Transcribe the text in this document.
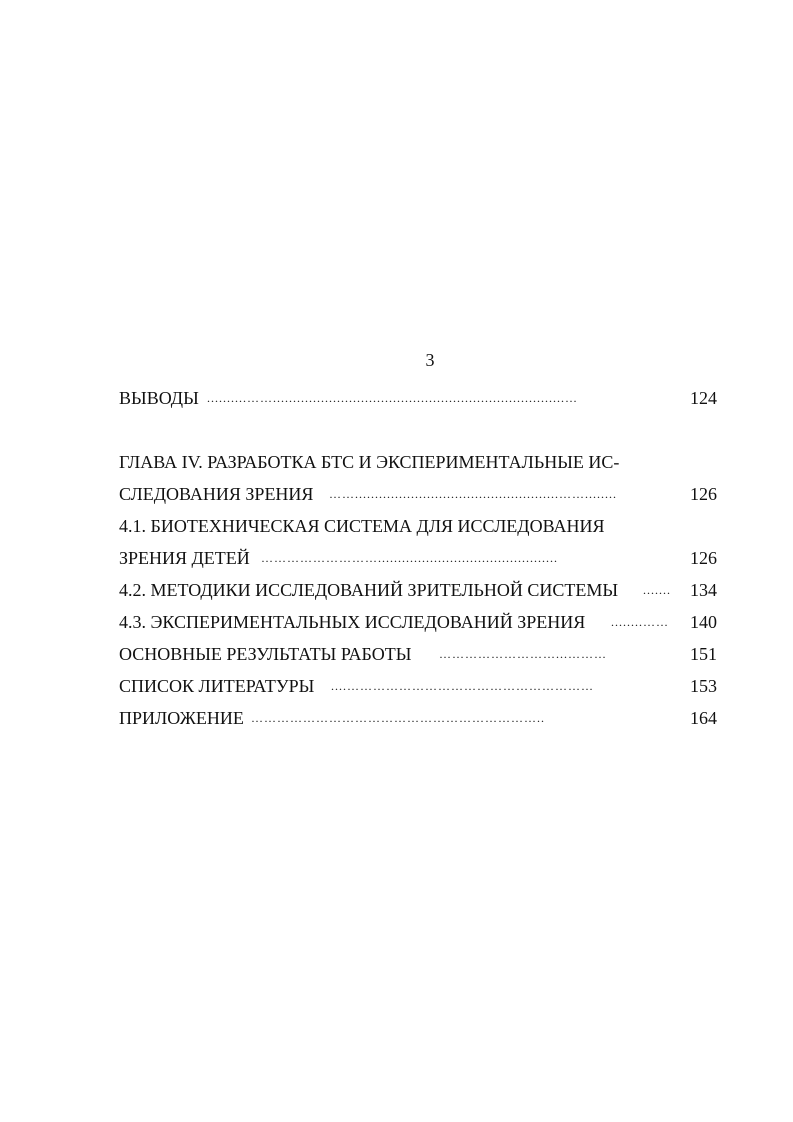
3
ВЫВОДЫ ..........…….........................................................................…	124
ГЛАВА IV. РАЗРАБОТКА БТС И ЭКСПЕРИМЕНТАЛЬНЫЕ ИС-
СЛЕДОВАНИЯ ЗРЕНИЯ ……...................................................……........	126
4.1. БИОТЕХНИЧЕСКАЯ СИСТЕМА ДЛЯ ИССЛЕДОВАНИЯ
ЗРЕНИЯ ДЕТЕЙ ……………………….............................................	126
4.2. МЕТОДИКИ ИССЛЕДОВАНИЙ ЗРИТЕЛЬНОЙ СИСТЕМЫ .......	134
4.3. ЭКСПЕРИМЕНТАЛЬНЫХ ИССЛЕДОВАНИЙ ЗРЕНИЯ ........……	140
ОСНОВНЫЕ РЕЗУЛЬТАТЫ РАБОТЫ ………………………...………	151
СПИСОК ЛИТЕРАТУРЫ ....…………………………………………………	153
ПРИЛОЖЕНИЕ …………………………………………………………..	164
